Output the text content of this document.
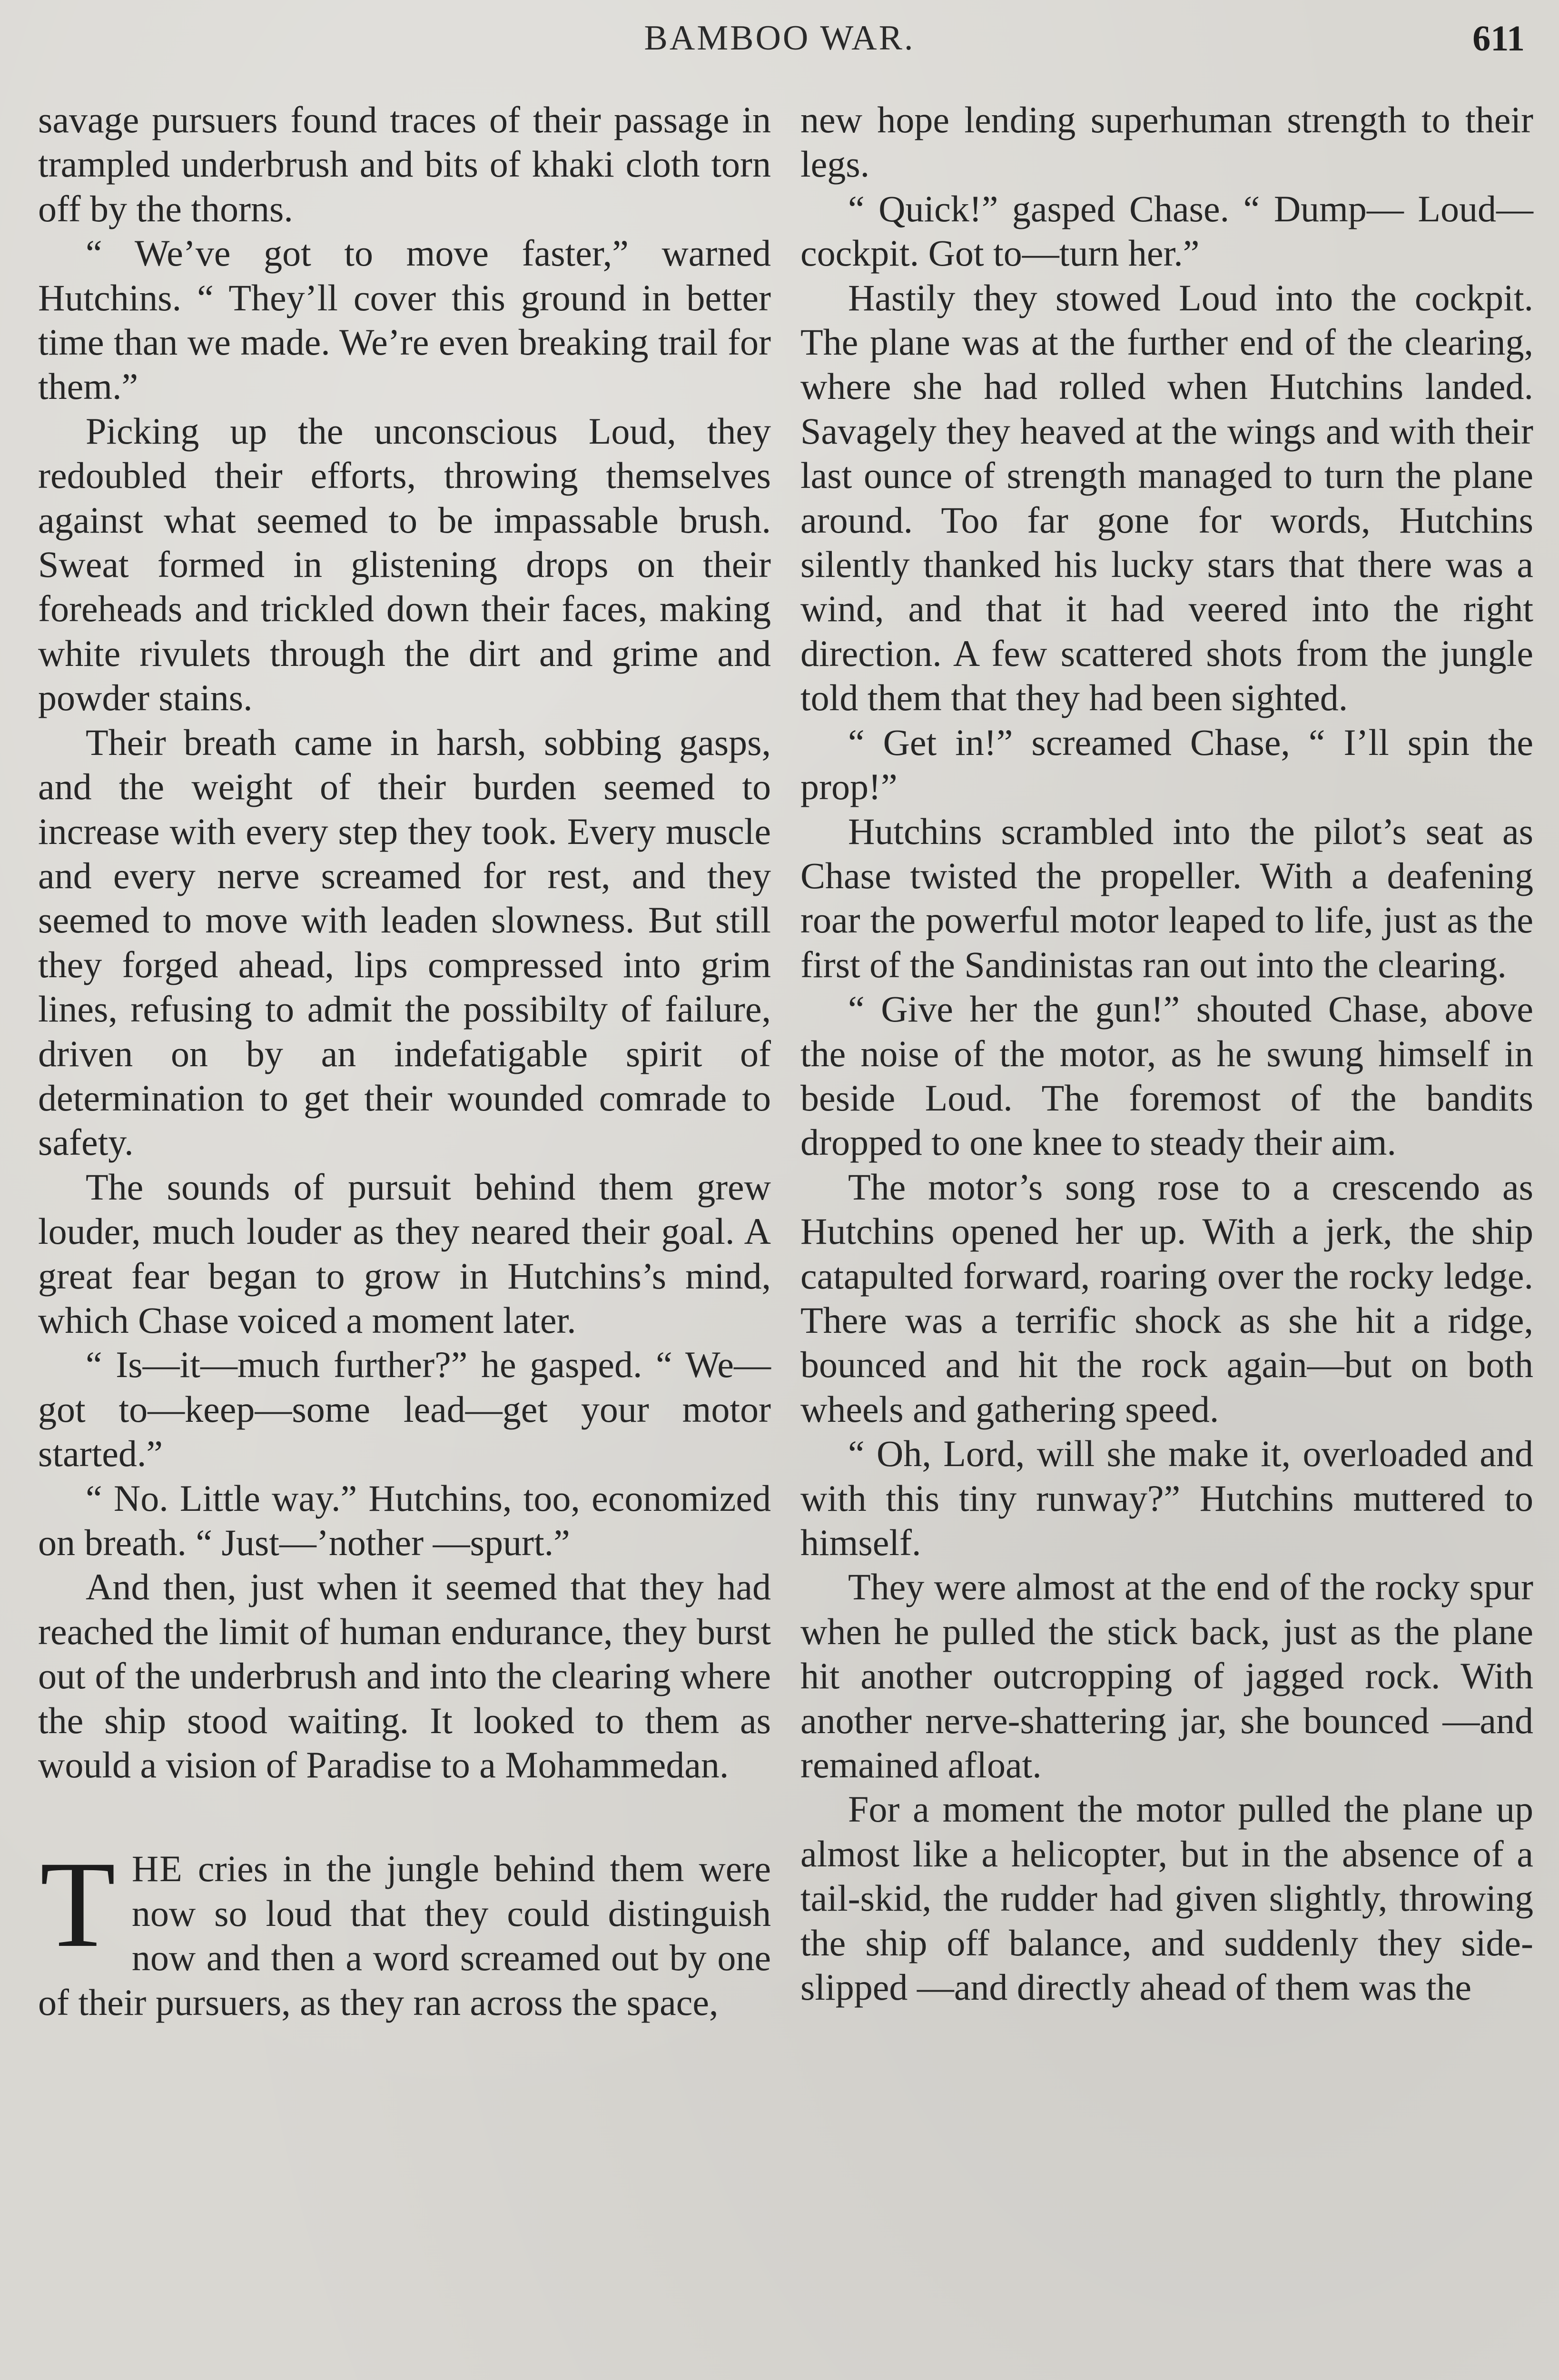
BAMBOO WAR.	611

savage pursuers found traces of their passage in trampled underbrush and bits of khaki cloth torn off by the thorns.

“ We’ve got to move faster,” warned Hutchins. “ They’ll cover this ground in better time than we made. We’re even breaking trail for them.”

Picking up the unconscious Loud, they redoubled their efforts, throwing themselves against what seemed to be impassable brush. Sweat formed in glistening drops on their foreheads and trickled down their faces, making white rivulets through the dirt and grime and powder stains.

Their breath came in harsh, sobbing gasps, and the weight of their burden seemed to increase with every step they took. Every muscle and every nerve screamed for rest, and they seemed to move with leaden slowness. But still they forged ahead, lips compressed into grim lines, refusing to admit the possibilty of failure, driven on by an indefatigable spirit of determination to get their wounded comrade to safety.

The sounds of pursuit behind them grew louder, much louder as they neared their goal. A great fear began to grow in Hutchins’s mind, which Chase voiced a moment later.

“ Is—it—much further?” he gasped. “ We—got to—keep—some lead—get your motor started.”

“ No. Little way.” Hutchins, too, economized on breath. “ Just—’nother —spurt.”

And then, just when it seemed that they had reached the limit of human endurance, they burst out of the underbrush and into the clearing where the ship stood waiting. It looked to them as would a vision of Paradise to a Mohammedan.

THE cries in the jungle behind them were now so loud that they could distinguish now and then a word screamed out by one of their pursuers, as they ran across the space,

new hope lending superhuman strength to their legs.

“ Quick!” gasped Chase. “ Dump— Loud—cockpit. Got to—turn her.”

Hastily they stowed Loud into the cockpit. The plane was at the further end of the clearing, where she had rolled when Hutchins landed. Savagely they heaved at the wings and with their last ounce of strength managed to turn the plane around. Too far gone for words, Hutchins silently thanked his lucky stars that there was a wind, and that it had veered into the right direction. A few scattered shots from the jungle told them that they had been sighted.

“ Get in!” screamed Chase, “ I’ll spin the prop!”

Hutchins scrambled into the pilot’s seat as Chase twisted the propeller. With a deafening roar the powerful motor leaped to life, just as the first of the Sandinistas ran out into the clearing.

“ Give her the gun!” shouted Chase, above the noise of the motor, as he swung himself in beside Loud. The foremost of the bandits dropped to one knee to steady their aim.

The motor’s song rose to a crescendo as Hutchins opened her up. With a jerk, the ship catapulted forward, roaring over the rocky ledge. There was a terrific shock as she hit a ridge, bounced and hit the rock again—but on both wheels and gathering speed.

“ Oh, Lord, will she make it, overloaded and with this tiny runway?” Hutchins muttered to himself.

They were almost at the end of the rocky spur when he pulled the stick back, just as the plane hit another outcropping of jagged rock. With another nerve-shattering jar, she bounced —and remained afloat.

For a moment the motor pulled the plane up almost like a helicopter, but in the absence of a tail-skid, the rudder had given slightly, throwing the ship off balance, and suddenly they side-slipped —and directly ahead of them was the
